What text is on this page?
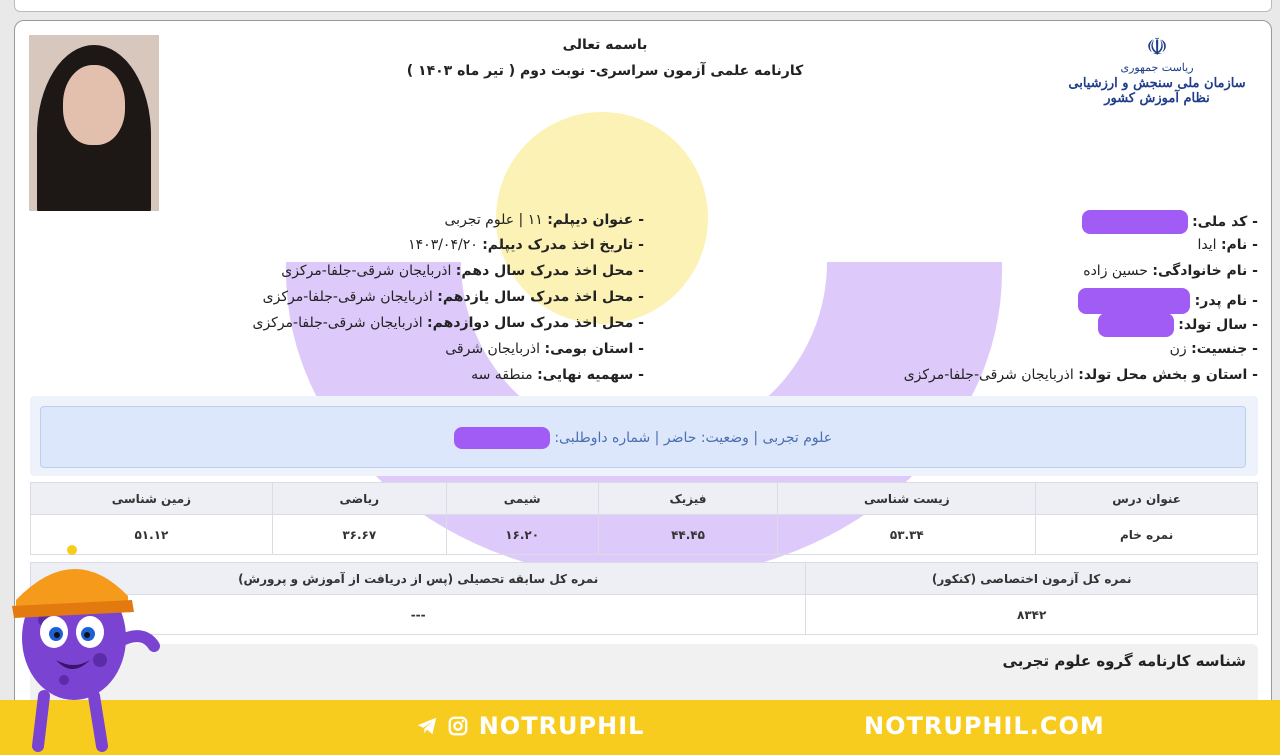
باسمه تعالی
کارنامه علمی آزمون سراسری- نوبت دوم ( تیر ماه ۱۴۰۳ )
☫
ریاست جمهوری
سازمان ملی سنجش و ارزشیابی نظام آموزش کشور
- کد ملی:
- نام: ایدا
- نام خانوادگی: حسین زاده
- نام پدر:
- سال تولد:
- جنسیت: زن
- استان و بخش محل تولد: اذربایجان شرقی-جلفا-مرکزی
- عنوان دیپلم: ۱۱ | علوم تجربی
- تاریخ اخذ مدرک دیپلم: ۱۴۰۳/۰۴/۲۰
- محل اخذ مدرک سال دهم: اذربایجان شرقی-جلفا-مرکزی
- محل اخذ مدرک سال یازدهم: اذربایجان شرقی-جلفا-مرکزی
- محل اخذ مدرک سال دوازدهم: اذربایجان شرقی-جلفا-مرکزی
- استان بومی: اذربایجان شرقی
- سهمیه نهایی: منطقه سه
علوم تجربی | وضعیت: حاضر | شماره داوطلبی:
عنوان درس	زیست شناسی	فیزیک	شیمی	ریاضی	زمین شناسی
نمره خام	۵۳.۳۴	۴۴.۴۵	۱۶.۲۰	۳۶.۶۷	۵۱.۱۲
نمره کل آزمون اختصاصی (کنکور)	نمره کل سابقه تحصیلی (پس از دریافت از آموزش و پرورش)
۸۳۴۲	---
شناسه کارنامه گروه علوم تجربی
NOTRUPHIL	NOTRUPHIL.COM
